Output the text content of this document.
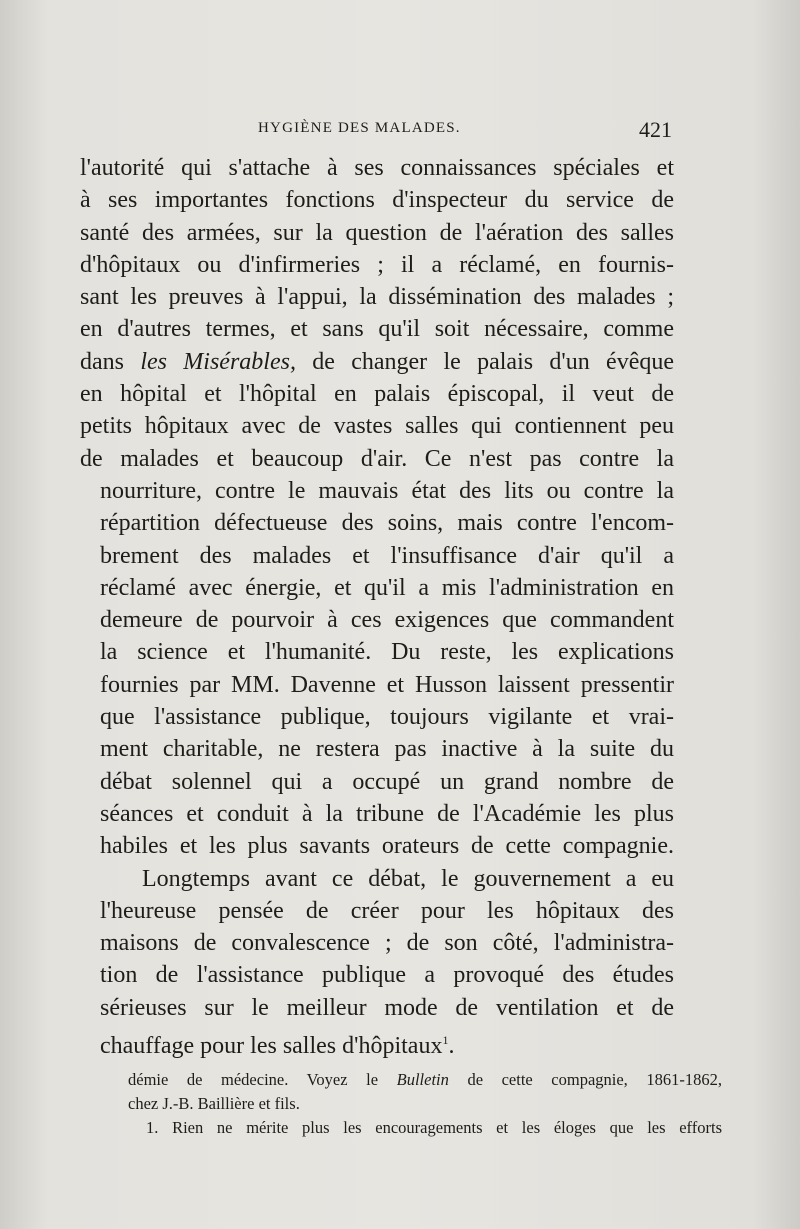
HYGIÈNE DES MALADES.	421
l'autorité qui s'attache à ses connaissances spéciales et
à ses importantes fonctions d'inspecteur du service de
santé des armées, sur la question de l'aération des salles
d'hôpitaux ou d'infirmeries ; il a réclamé, en fournis-
sant les preuves à l'appui, la dissémination des malades ;
en d'autres termes, et sans qu'il soit nécessaire, comme
dans les Misérables, de changer le palais d'un évêque
en hôpital et l'hôpital en palais épiscopal, il veut de
petits hôpitaux avec de vastes salles qui contiennent peu
de malades et beaucoup d'air. Ce n'est pas contre la
nourriture, contre le mauvais état des lits ou contre la
répartition défectueuse des soins, mais contre l'encom-
brement des malades et l'insuffisance d'air qu'il a
réclamé avec énergie, et qu'il a mis l'administration en
demeure de pourvoir à ces exigences que commandent
la science et l'humanité. Du reste, les explications
fournies par MM. Davenne et Husson laissent pressentir
que l'assistance publique, toujours vigilante et vrai-
ment charitable, ne restera pas inactive à la suite du
débat solennel qui a occupé un grand nombre de
séances et conduit à la tribune de l'Académie les plus
habiles et les plus savants orateurs de cette compagnie.
Longtemps avant ce débat, le gouvernement a eu
l'heureuse pensée de créer pour les hôpitaux des
maisons de convalescence ; de son côté, l'administra-
tion de l'assistance publique a provoqué des études
sérieuses sur le meilleur mode de ventilation et de
chauffage pour les salles d'hôpitaux$^1$.
démie de médecine. Voyez le Bulletin de cette compagnie, 1861-1862,
chez J.-B. Baillière et fils.
1. Rien ne mérite plus les encouragements et les éloges que les efforts
